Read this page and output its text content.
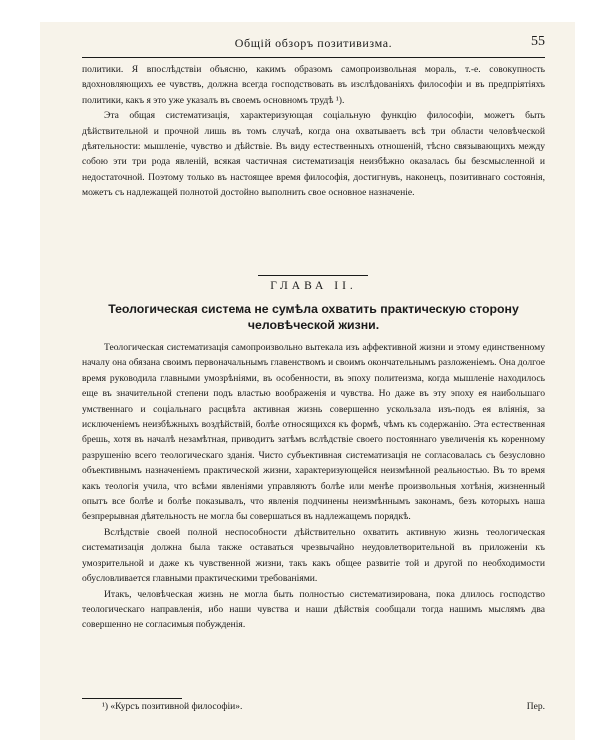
Общій обзоръ позитивизма.	55

политики. Я впослѣдствіи объясню, какимъ образомъ самопроизвольная мораль, т.-е. совокупность вдохновляющихъ ее чувствъ, должна всегда господствовать въ изслѣдованіяхъ философіи и въ предпріятіяхъ политики, какъ я это уже указалъ въ своемъ основномъ трудѣ ¹).

Эта общая систематизація, характеризующая соціальную функцію философіи, можетъ быть дѣйствительной и прочной лишь въ томъ случаѣ, когда она охватываетъ всѣ три области человѣческой дѣятельности: мышленіе, чувство и дѣйствіе. Въ виду естественныхъ отношеній, тѣсно связывающихъ между собою эти три рода явленій, всякая частичная систематизація неизбѣжно оказалась бы безсмысленной и недостаточной. Поэтому только въ настоящее время философія, достигнувъ, наконецъ, позитивнаго состоянія, можетъ съ надлежащей полнотой достойно выполнить свое основное назначеніе.

ГЛАВА II.
Теологическая система не сумѣла охватить практическую сторону человѣческой жизни.

Теологическая систематизація самопроизвольно вытекала изъ аффективной жизни и этому единственному началу она обязана своимъ первоначальнымъ главенствомъ и своимъ окончательнымъ разложеніемъ. Она долгое время руководила главными умозрѣніями, въ особенности, въ эпоху политеизма, когда мышленіе находилось еще въ значительной степени подъ властью воображенія и чувства. Но даже въ эту эпоху ея наибольшаго умственнаго и соціальнаго расцвѣта активная жизнь совершенно ускользала изъ-подъ ея вліянія, за исключеніемъ неизбѣжныхъ воздѣйствій, болѣе относящихся къ формѣ, чѣмъ къ содержанію. Эта естественная брешь, хотя въ началѣ незамѣтная, приводитъ затѣмъ вслѣдствіе своего постояннаго увеличенія къ коренному разрушенію всего теологическаго зданія. Чисто субъективная систематизація не согласовалась съ безусловно объективнымъ назначеніемъ практической жизни, характеризующейся неизмѣнной реальностью. Въ то время какъ теологія учила, что всѣми явленіями управляютъ болѣе или менѣе произвольныя хотѣнія, жизненный опытъ все болѣе и болѣе показывалъ, что явленія подчинены неизмѣннымъ законамъ, безъ которыхъ наша безпрерывная дѣятельность не могла бы совершаться въ надлежащемъ порядкѣ.

Вслѣдствіе своей полной неспособности дѣйствительно охватить активную жизнь теологическая систематизація должна была также оставаться чрезвычайно неудовлетворительной въ приложеніи къ умозрительной и даже къ чувственной жизни, такъ какъ общее развитіе той и другой по необходимости обусловливается главными практическими требованіями.

Итакъ, человѣческая жизнь не могла быть полностью систематизирована, пока длилось господство теологическаго направленія, ибо наши чувства и наши дѣйствія сообщали тогда нашимъ мыслямъ два совершенно не согласимыя побужденія.

¹) «Курсъ позитивной философіи».	Пер.
